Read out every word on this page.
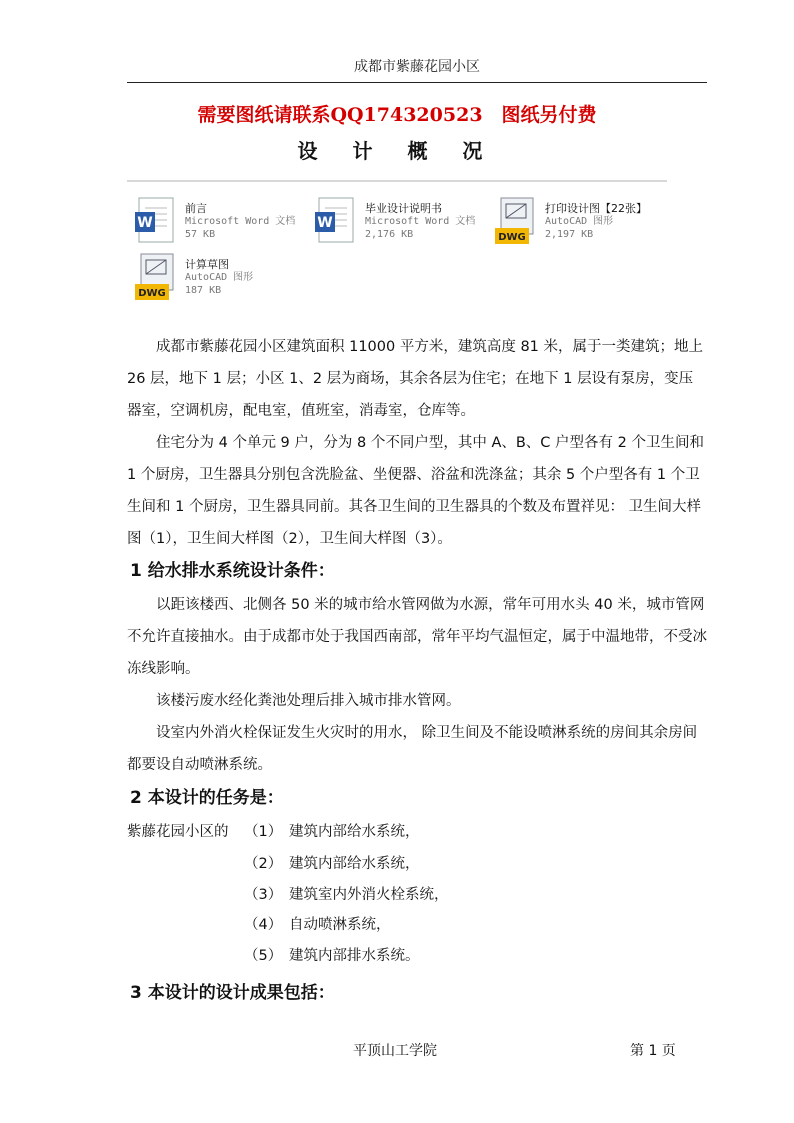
成都市紫藤花园小区
需要图纸请联系QQ174320523　图纸另付费
设 计 概 况
W
前言
Microsoft Word 文档
57 KB
W
毕业设计说明书
Microsoft Word 文档
2,176 KB	DWG
打印设计图【22张】
AutoCAD 图形
2,197 KB
DWG
计算草图
AutoCAD 图形
187 KB

成都市紫藤花园小区建筑面积 11000 平方米，建筑高度 81 米，属于一类建筑；地上 26 层，地下 1 层；小区 1、2 层为商场，其余各层为住宅；在地下 1 层设有泵房，变压器室，空调机房，配电室，值班室，消毒室，仓库等。

住宅分为 4 个单元 9 户，分为 8 个不同户型，其中 A、B、C 户型各有 2 个卫生间和 1 个厨房，卫生器具分别包含洗脸盆、坐便器、浴盆和洗涤盆；其余 5 个户型各有 1 个卫生间和 1 个厨房，卫生器具同前。其各卫生间的卫生器具的个数及布置祥见： 卫生间大样图（1），卫生间大样图（2），卫生间大样图（3）。

1 给水排水系统设计条件：

以距该楼西、北侧各 50 米的城市给水管网做为水源，常年可用水头 40 米，城市管网不允许直接抽水。由于成都市处于我国西南部，常年平均气温恒定，属于中温地带，不受冰冻线影响。

该楼污废水经化粪池处理后排入城市排水管网。

设室内外消火栓保证发生火灾时的用水， 除卫生间及不能设喷淋系统的房间其余房间都要设自动喷淋系统。

2 本设计的任务是：
紫藤花园小区的 （1） 建筑内部给水系统，
（2） 建筑内部给水系统，
（3） 建筑室内外消火栓系统，
（4） 自动喷淋系统，
（5） 建筑内部排水系统。
3 本设计的设计成果包括：
平顶山工学院	第 1 页
